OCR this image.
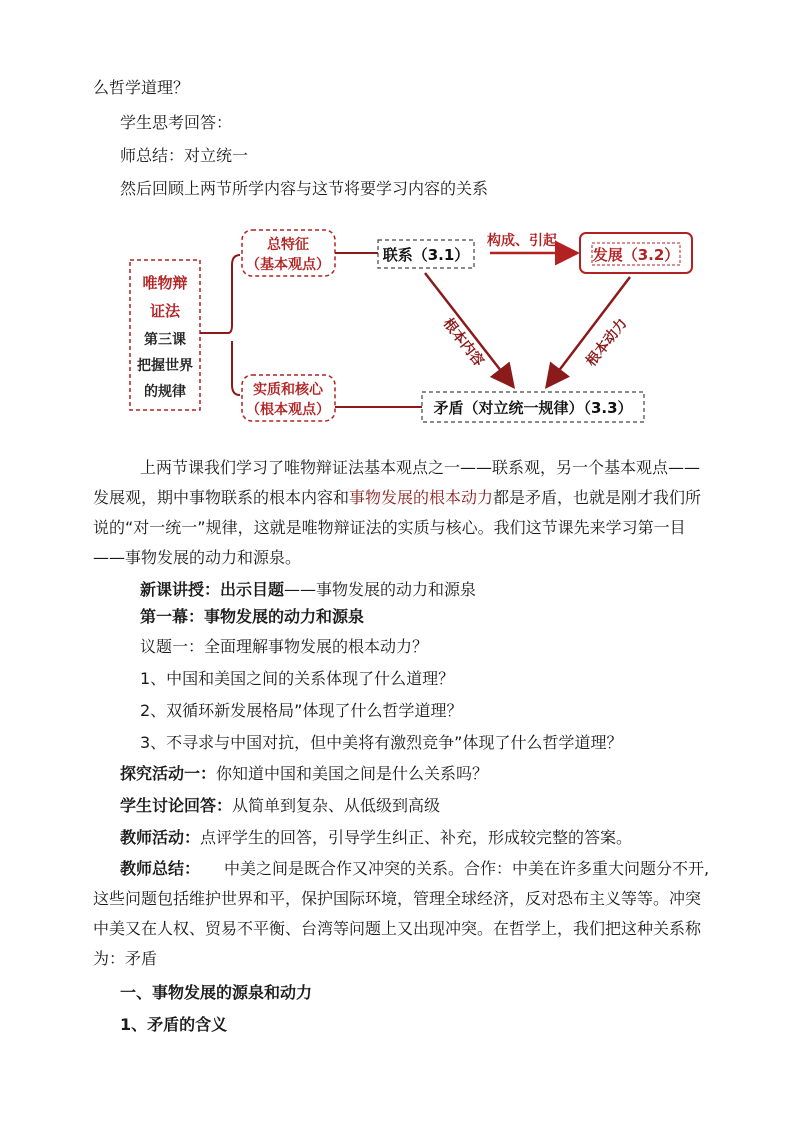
么哲学道理？
学生思考回答：
师总结：对立统一
然后回顾上两节所学内容与这节将要学习内容的关系
唯物辩
证法
第三课
把握世界
的规律
总特征
（基本观点）
实质和核心
（根本观点）
联系（3.1）	发展（3.2）
矛盾（对立统一规律）（3.3）
构成、引起
根本内容	根本动力
上两节课我们学习了唯物辩证法基本观点之一——联系观，另一个基本观点——
发展观，期中事物联系的根本内容和事物发展的根本动力都是矛盾，也就是刚才我们所
说的“对一统一”规律，这就是唯物辩证法的实质与核心。我们这节课先来学习第一目
——事物发展的动力和源泉。
新课讲授：出示目题——事物发展的动力和源泉
第一幕：事物发展的动力和源泉
议题一：全面理解事物发展的根本动力？
1、中国和美国之间的关系体现了什么道理？
2、双循环新发展格局”体现了什么哲学道理？
3、不寻求与中国对抗，但中美将有激烈竞争”体现了什么哲学道理？
探究活动一：你知道中国和美国之间是什么关系吗？
学生讨论回答：从简单到复杂、从低级到高级
教师活动：点评学生的回答，引导学生纠正、补充，形成较完整的答案。
教师总结： 中美之间是既合作又冲突的关系。合作：中美在许多重大问题分不开,
这些问题包括维护世界和平，保护国际环境，管理全球经济，反对恐布主义等等。冲突
中美又在人权、贸易不平衡、台湾等问题上又出现冲突。在哲学上，我们把这种关系称
为：矛盾
一、事物发展的源泉和动力
1、矛盾的含义
